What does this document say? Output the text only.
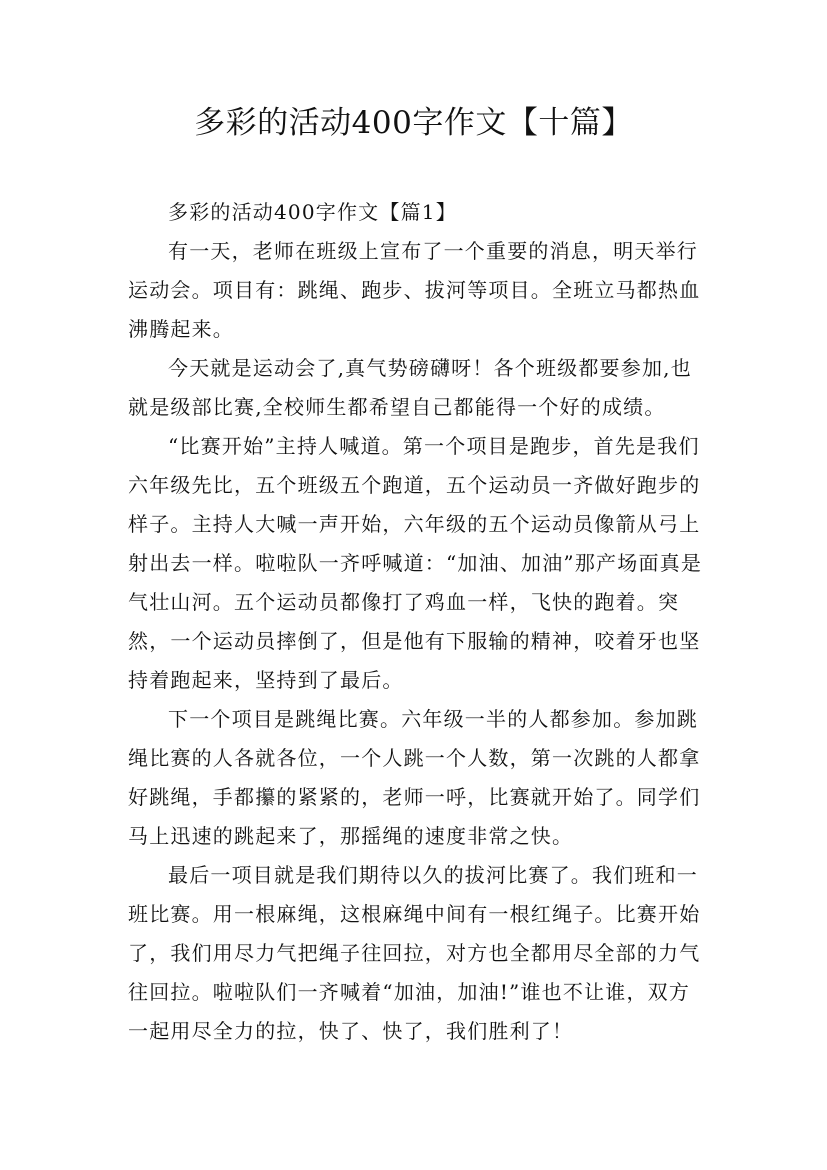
多彩的活动400字作文【十篇】
多彩的活动400字作文【篇1】

有一天，老师在班级上宣布了一个重要的消息，明天举行运动会。项目有：跳绳、跑步、拔河等项目。全班立马都热血沸腾起来。

今天就是运动会了,真气势磅礴呀！各个班级都要参加,也就是级部比赛,全校师生都希望自己都能得一个好的成绩。

“比赛开始”主持人喊道。第一个项目是跑步，首先是我们六年级先比，五个班级五个跑道，五个运动员一齐做好跑步的样子。主持人大喊一声开始，六年级的五个运动员像箭从弓上射出去一样。啦啦队一齐呼喊道：“加油、加油”那产场面真是气壮山河。五个运动员都像打了鸡血一样，飞快的跑着。突然，一个运动员摔倒了，但是他有下服输的精神，咬着牙也坚持着跑起来，坚持到了最后。

下一个项目是跳绳比赛。六年级一半的人都参加。参加跳绳比赛的人各就各位，一个人跳一个人数，第一次跳的人都拿好跳绳，手都攥的紧紧的，老师一呼，比赛就开始了。同学们马上迅速的跳起来了，那摇绳的速度非常之快。

最后一项目就是我们期待以久的拔河比赛了。我们班和一班比赛。用一根麻绳，这根麻绳中间有一根红绳子。比赛开始了，我们用尽力气把绳子往回拉，对方也全都用尽全部的力气往回拉。啦啦队们一齐喊着“加油，加油!”谁也不让谁，双方一起用尽全力的拉，快了、快了，我们胜利了！
